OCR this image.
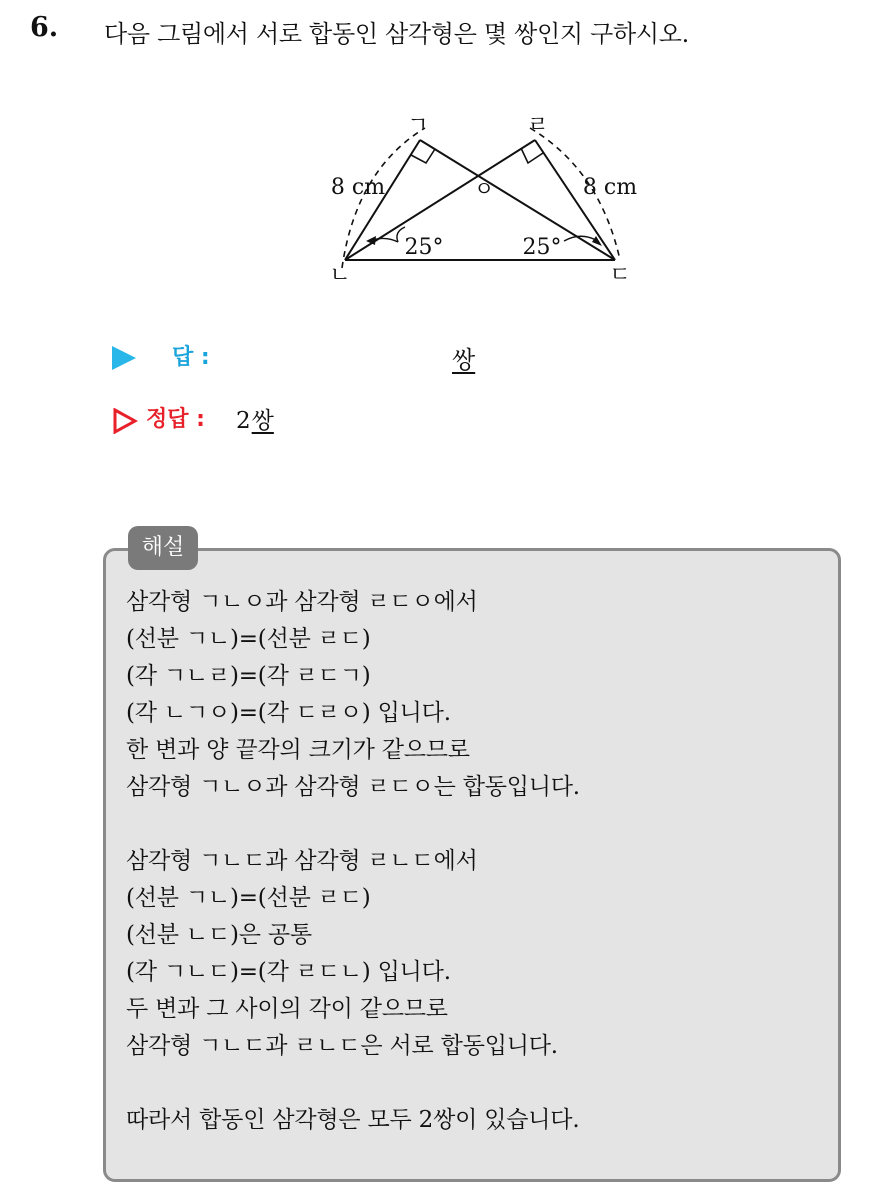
6. 다음 그림에서 서로 합동인 삼각형은 몇 쌍인지 구하시오.
ㄱ	ㄹ
ㄴ	ㄷ
ㅇ
8 cm	8 cm
25°	25°
답 :	쌍
정답 : 2쌍
해설
삼각형 ㄱㄴㅇ과 삼각형 ㄹㄷㅇ에서
(선분 ㄱㄴ)=(선분 ㄹㄷ)
(각 ㄱㄴㄹ)=(각 ㄹㄷㄱ)
(각 ㄴㄱㅇ)=(각 ㄷㄹㅇ) 입니다.
한 변과 양 끝각의 크기가 같으므로
삼각형 ㄱㄴㅇ과 삼각형 ㄹㄷㅇ는 합동입니다.
삼각형 ㄱㄴㄷ과 삼각형 ㄹㄴㄷ에서
(선분 ㄱㄴ)=(선분 ㄹㄷ)
(선분 ㄴㄷ)은 공통
(각 ㄱㄴㄷ)=(각 ㄹㄷㄴ) 입니다.
두 변과 그 사이의 각이 같으므로
삼각형 ㄱㄴㄷ과 ㄹㄴㄷ은 서로 합동입니다.
따라서 합동인 삼각형은 모두 2쌍이 있습니다.
